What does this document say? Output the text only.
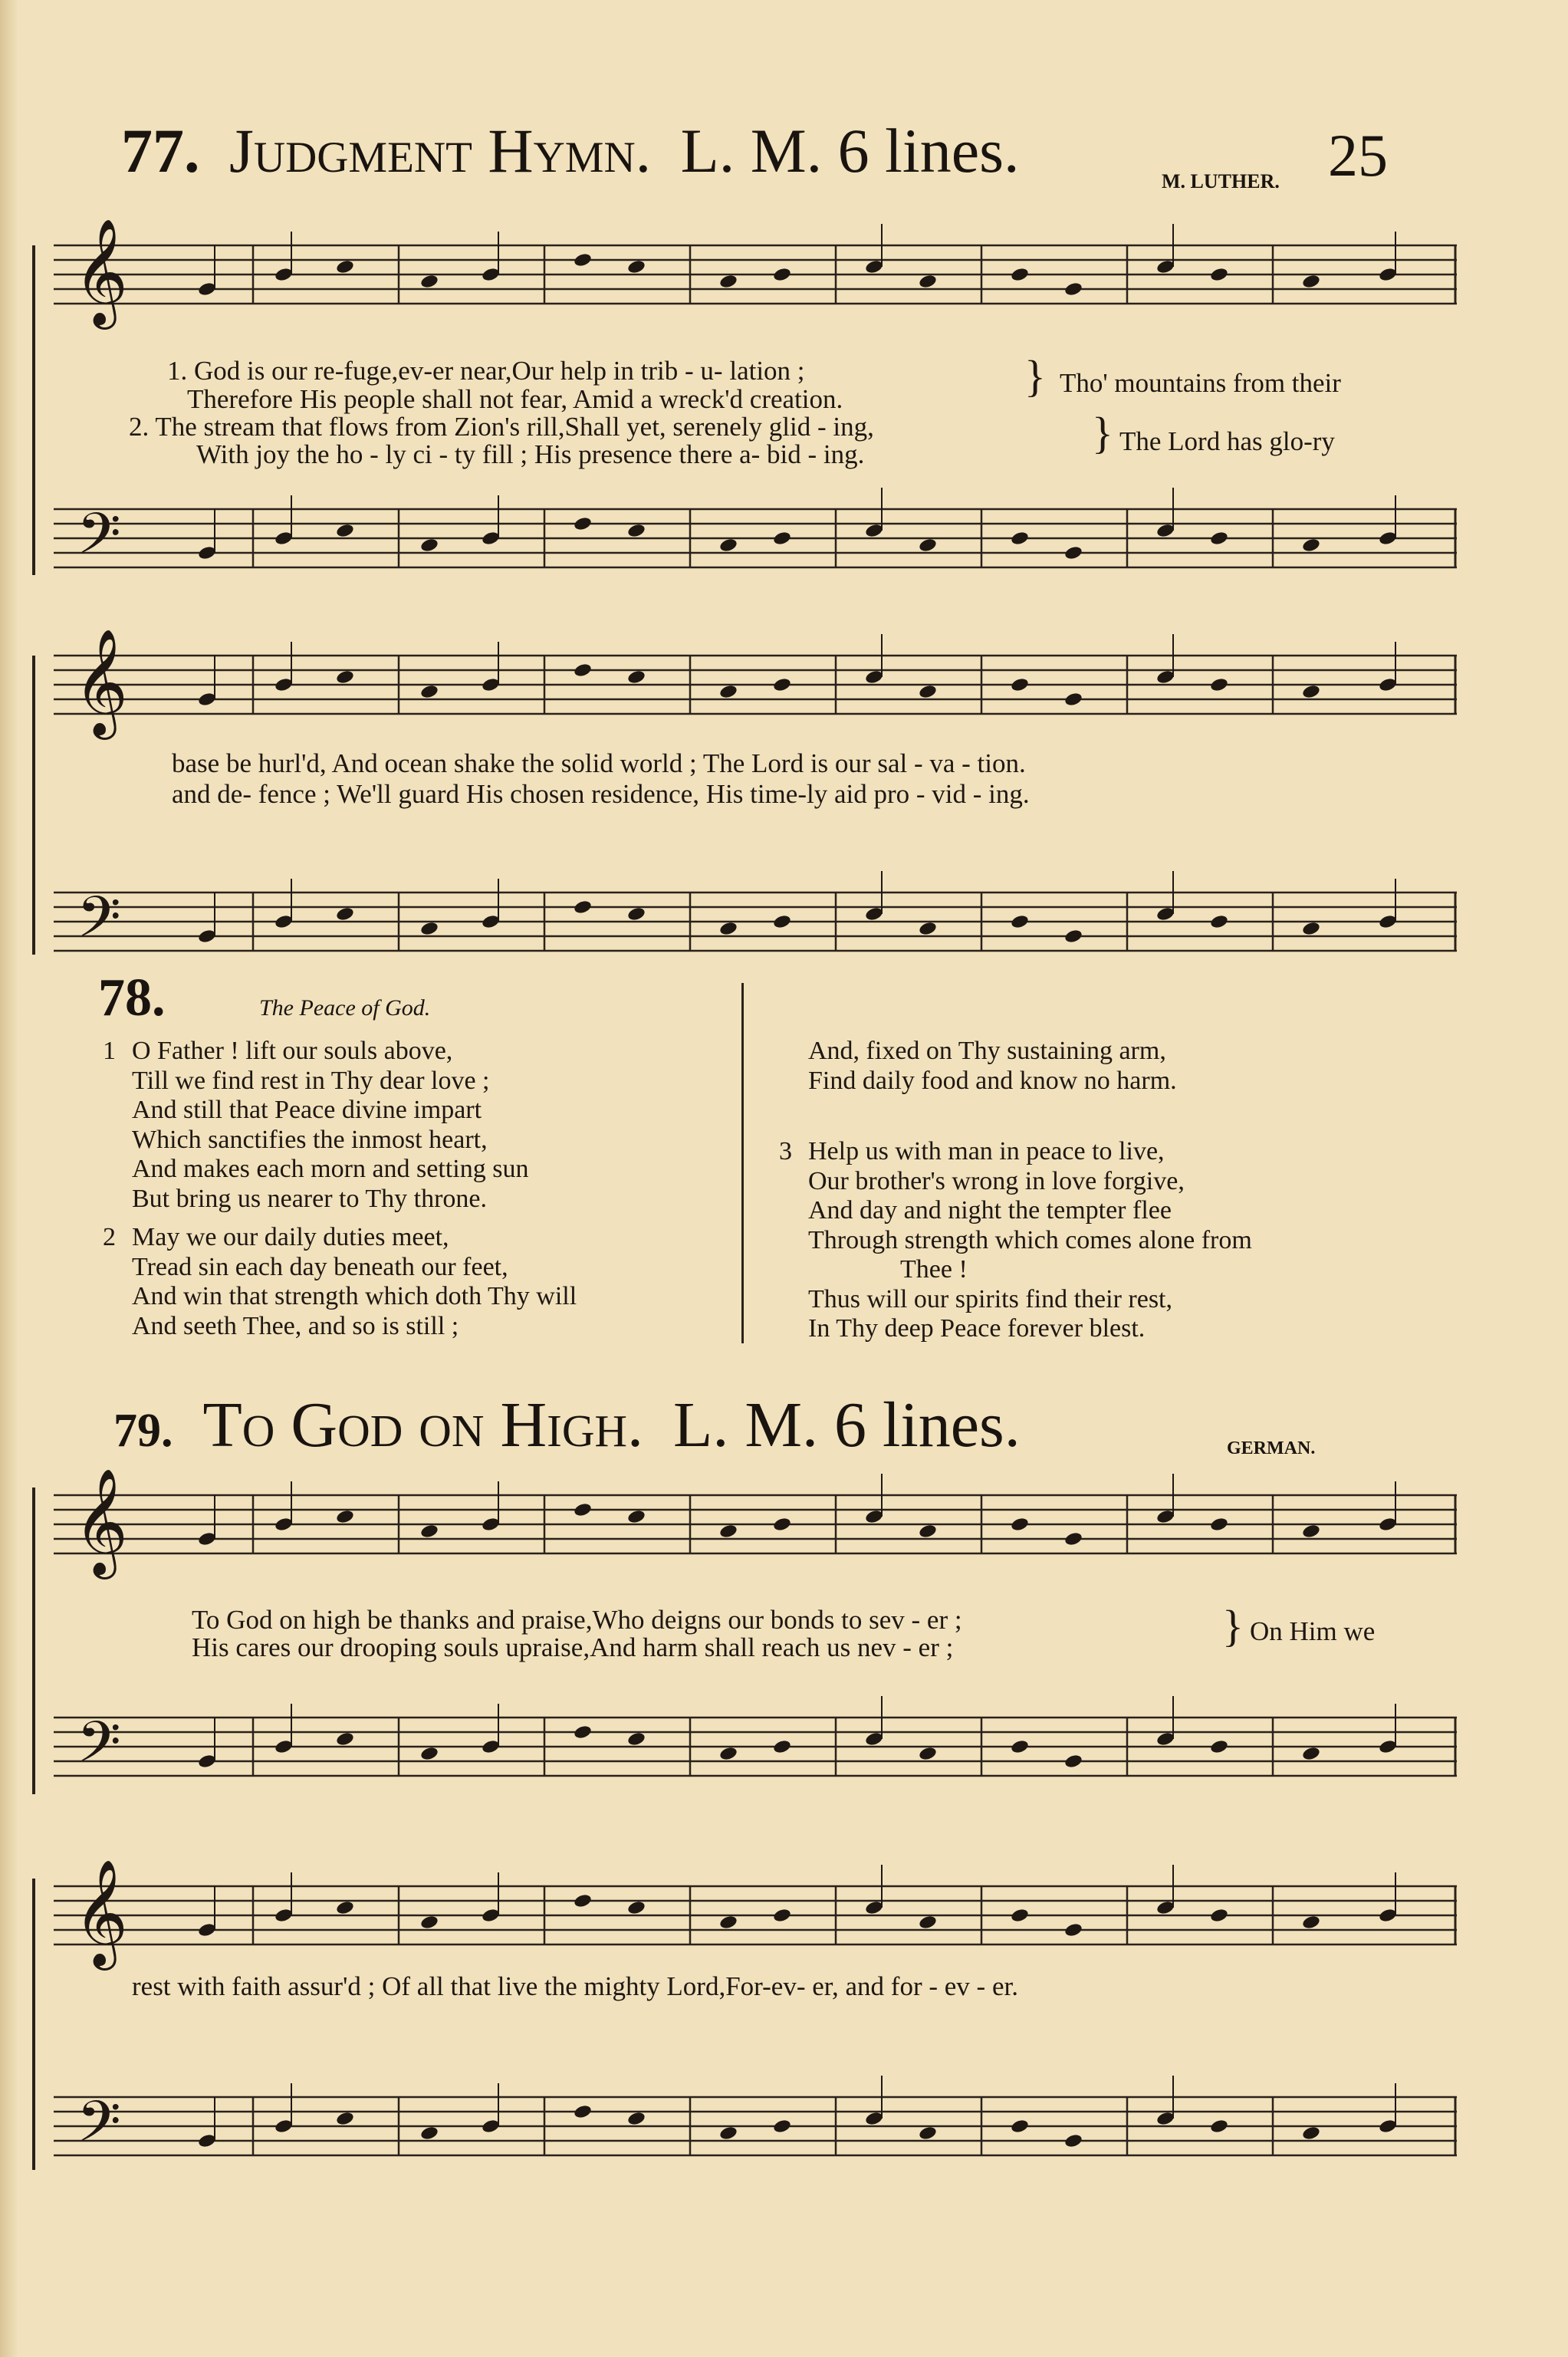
77. Judgment Hymn. L. M. 6 lines.	M. LUTHER. 25
𝄞
𝄢
𝄞
𝄢
𝄞
𝄢
𝄞
𝄢
1. God is our re-fuge,ev-er near,Our help in trib - u- lation ;
Therefore His people shall not fear, Amid a wreck'd creation.
2. The stream that flows from Zion's rill,Shall yet, serenely glid - ing,
With joy the ho - ly ci - ty fill ; His presence there a- bid - ing.
}
}
Tho' mountains from their
The Lord has glo-ry
base be hurl'd, And ocean shake the solid world ; The Lord is our sal - va - tion.
and de- fence ; We'll guard His chosen residence, His time-ly aid pro - vid - ing.
78.	The Peace of God.
1 O Father ! lift our souls above,
Till we find rest in Thy dear love ;
And still that Peace divine impart
Which sanctifies the inmost heart,
And makes each morn and setting sun
But bring us nearer to Thy throne.
2 May we our daily duties meet,
Tread sin each day beneath our feet,
And win that strength which doth Thy will
And seeth Thee, and so is still ;
And, fixed on Thy sustaining arm,
Find daily food and know no harm.
3 Help us with man in peace to live,
Our brother's wrong in love forgive,
And day and night the tempter flee
Through strength which comes alone from
Thee !
Thus will our spirits find their rest,
In Thy deep Peace forever blest.
79. To God on High. L. M. 6 lines.	GERMAN.
To God on high be thanks and praise,Who deigns our bonds to sev - er ;
His cares our drooping souls upraise,And harm shall reach us nev - er ;	} On Him we
rest with faith assur'd ; Of all that live the mighty Lord,For-ev- er, and for - ev - er.
